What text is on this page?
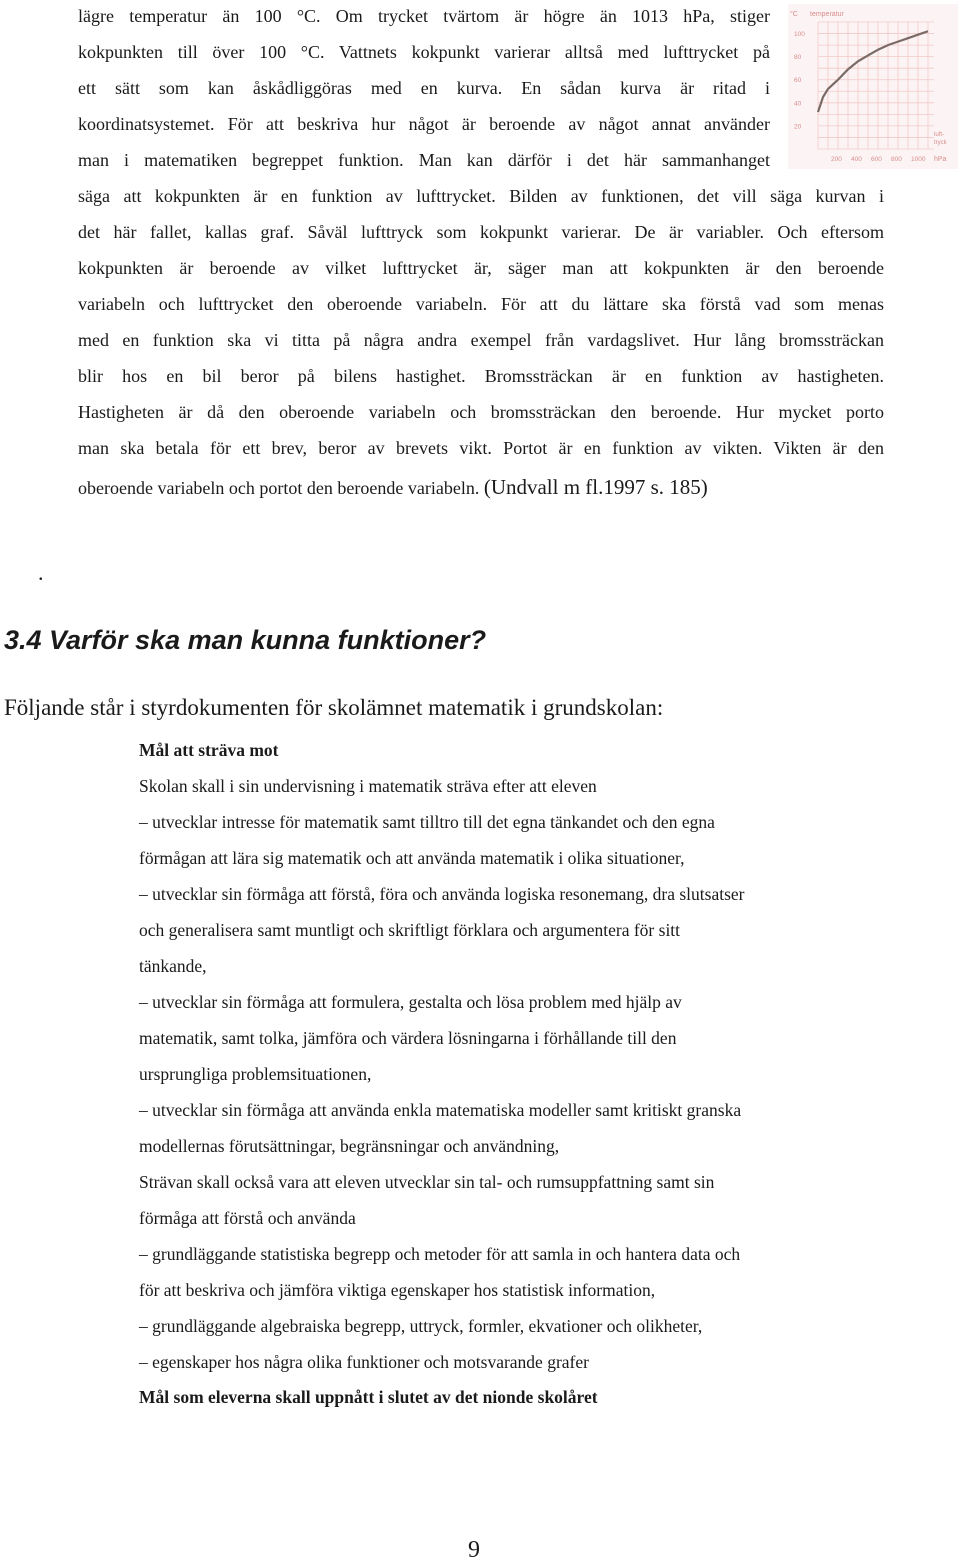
lägre temperatur än 100 °C. Om trycket tvärtom är högre än 1013 hPa, stiger
kokpunkten till över 100 °C. Vattnets kokpunkt varierar alltså med lufttrycket på
ett sätt som kan åskådliggöras med en kurva. En sådan kurva är ritad i
koordinatsystemet. För att beskriva hur något är beroende av något annat använder
man i matematiken begreppet funktion. Man kan därför i det här sammanhanget
säga att kokpunkten är en funktion av lufttrycket. Bilden av funktionen, det vill säga kurvan i
det här fallet, kallas graf. Såväl lufttryck som kokpunkt varierar. De är variabler. Och eftersom
kokpunkten är beroende av vilket lufttrycket är, säger man att kokpunkten är den beroende
variabeln och lufttrycket den oberoende variabeln. För att du lättare ska förstå vad som menas
med en funktion ska vi titta på några andra exempel från vardagslivet. Hur lång bromssträckan
blir hos en bil beror på bilens hastighet. Bromssträckan är en funktion av hastigheten.
Hastigheten är då den oberoende variabeln och bromssträckan den beroende. Hur mycket porto
man ska betala för ett brev, beror av brevets vikt. Portot är en funktion av vikten. Vikten är den
oberoende variabeln och portot den beroende variabeln. (Undvall m fl.1997 s. 185)
°C temperatur
100
80
60
40
20
200 400 600 800 1000
luft-
tryck
hPa
.
3.4 Varför ska man kunna funktioner?
Följande står i styrdokumenten för skolämnet matematik i grundskolan:
Mål att sträva mot
Skolan skall i sin undervisning i matematik sträva efter att eleven
– utvecklar intresse för matematik samt tilltro till det egna tänkandet och den egna
förmågan att lära sig matematik och att använda matematik i olika situationer,
– utvecklar sin förmåga att förstå, föra och använda logiska resonemang, dra slutsatser
och generalisera samt muntligt och skriftligt förklara och argumentera för sitt
tänkande,
– utvecklar sin förmåga att formulera, gestalta och lösa problem med hjälp av
matematik, samt tolka, jämföra och värdera lösningarna i förhållande till den
ursprungliga problemsituationen,
– utvecklar sin förmåga att använda enkla matematiska modeller samt kritiskt granska
modellernas förutsättningar, begränsningar och användning,
Strävan skall också vara att eleven utvecklar sin tal- och rumsuppfattning samt sin
förmåga att förstå och använda
– grundläggande statistiska begrepp och metoder för att samla in och hantera data och
för att beskriva och jämföra viktiga egenskaper hos statistisk information,
– grundläggande algebraiska begrepp, uttryck, formler, ekvationer och olikheter,
– egenskaper hos några olika funktioner och motsvarande grafer
Mål som eleverna skall uppnått i slutet av det nionde skolåret
9
